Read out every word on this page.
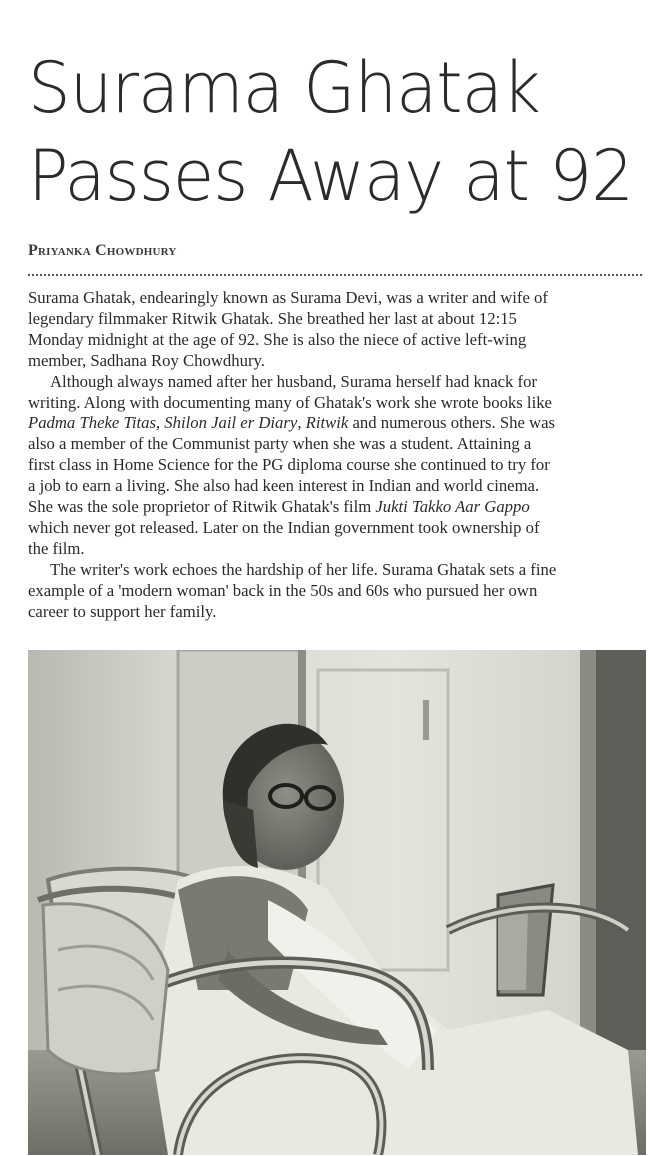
Surama Ghatak
Passes Away at 92
Priyanka Chowdhury

Surama Ghatak, endearingly known as Surama Devi, was a writer and wife of
legendary filmmaker Ritwik Ghatak. She breathed her last at about 12:15
Monday midnight at the age of 92. She is also the niece of active left-wing
member, Sadhana Roy Chowdhury.

Although always named after her husband, Surama herself had knack for
writing. Along with documenting many of Ghatak's work she wrote books like
Padma Theke Titas, Shilon Jail er Diary, Ritwik and numerous others. She was
also a member of the Communist party when she was a student. Attaining a
first class in Home Science for the PG diploma course she continued to try for
a job to earn a living. She also had keen interest in Indian and world cinema.
She was the sole proprietor of Ritwik Ghatak's film Jukti Takko Aar Gappo
which never got released. Later on the Indian government took ownership of
the film.

The writer's work echoes the hardship of her life. Surama Ghatak sets a fine
example of a 'modern woman' back in the 50s and 60s who pursued her own
career to support her family.
